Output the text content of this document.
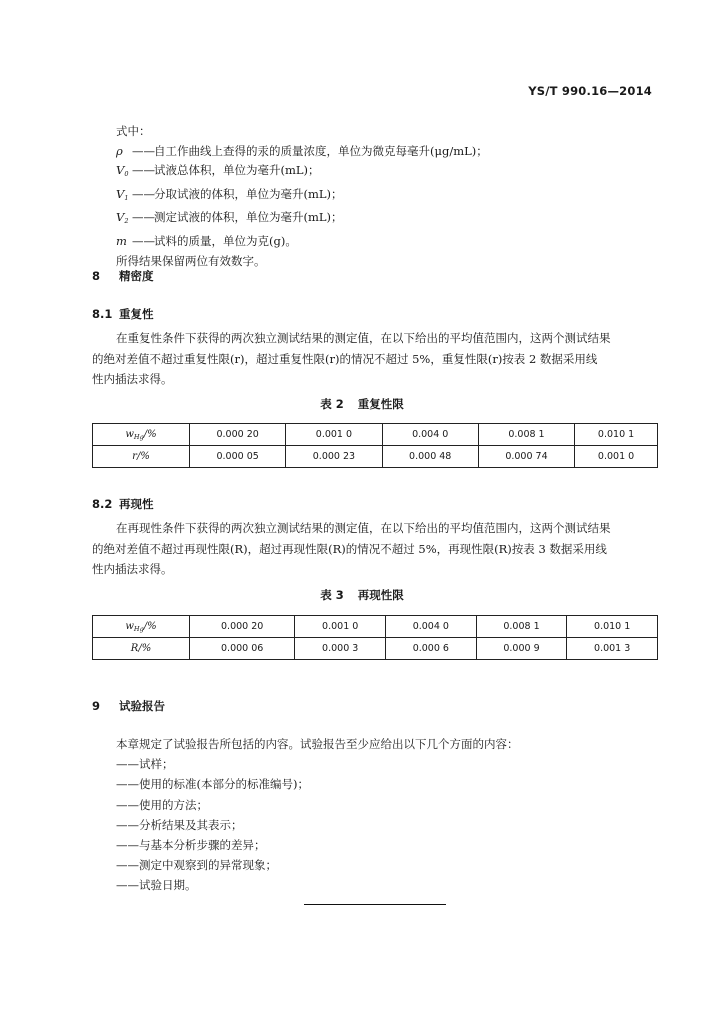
YS/T 990.16—2014
式中：
ρ ——自工作曲线上查得的汞的质量浓度，单位为微克每毫升(μg/mL)；
$V_0$ ——试液总体积，单位为毫升(mL)；
$V_1$ ——分取试液的体积，单位为毫升(mL)；
$V_2$ ——测定试液的体积，单位为毫升(mL)；
m ——试料的质量，单位为克(g)。
所得结果保留两位有效数字。
8 精密度
8.1 重复性

在重复性条件下获得的两次独立测试结果的测定值，在以下给出的平均值范围内，这两个测试结果

的绝对差值不超过重复性限(r)，超过重复性限(r)的情况不超过 5%，重复性限(r)按表 2 数据采用线

性内插法求得。

表 2 重复性限
$w_{Hg}/\%$	0.000 20	0.001 0	0.004 0	0.008 1	0.010 1
r/%	0.000 05	0.000 23	0.000 48	0.000 74	0.001 0
8.2 再现性

在再现性条件下获得的两次独立测试结果的测定值，在以下给出的平均值范围内，这两个测试结果

的绝对差值不超过再现性限(R)，超过再现性限(R)的情况不超过 5%，再现性限(R)按表 3 数据采用线

性内插法求得。

表 3 再现性限
$w_{Hg}/\%$	0.000 20	0.001 0	0.004 0	0.008 1	0.010 1
R/%	0.000 06	0.000 3	0.000 6	0.000 9	0.001 3
9 试验报告
本章规定了试验报告所包括的内容。试验报告至少应给出以下几个方面的内容：
——试样；
——使用的标准(本部分的标准编号)；
——使用的方法；
——分析结果及其表示；
——与基本分析步骤的差异；
——测定中观察到的异常现象；
——试验日期。
